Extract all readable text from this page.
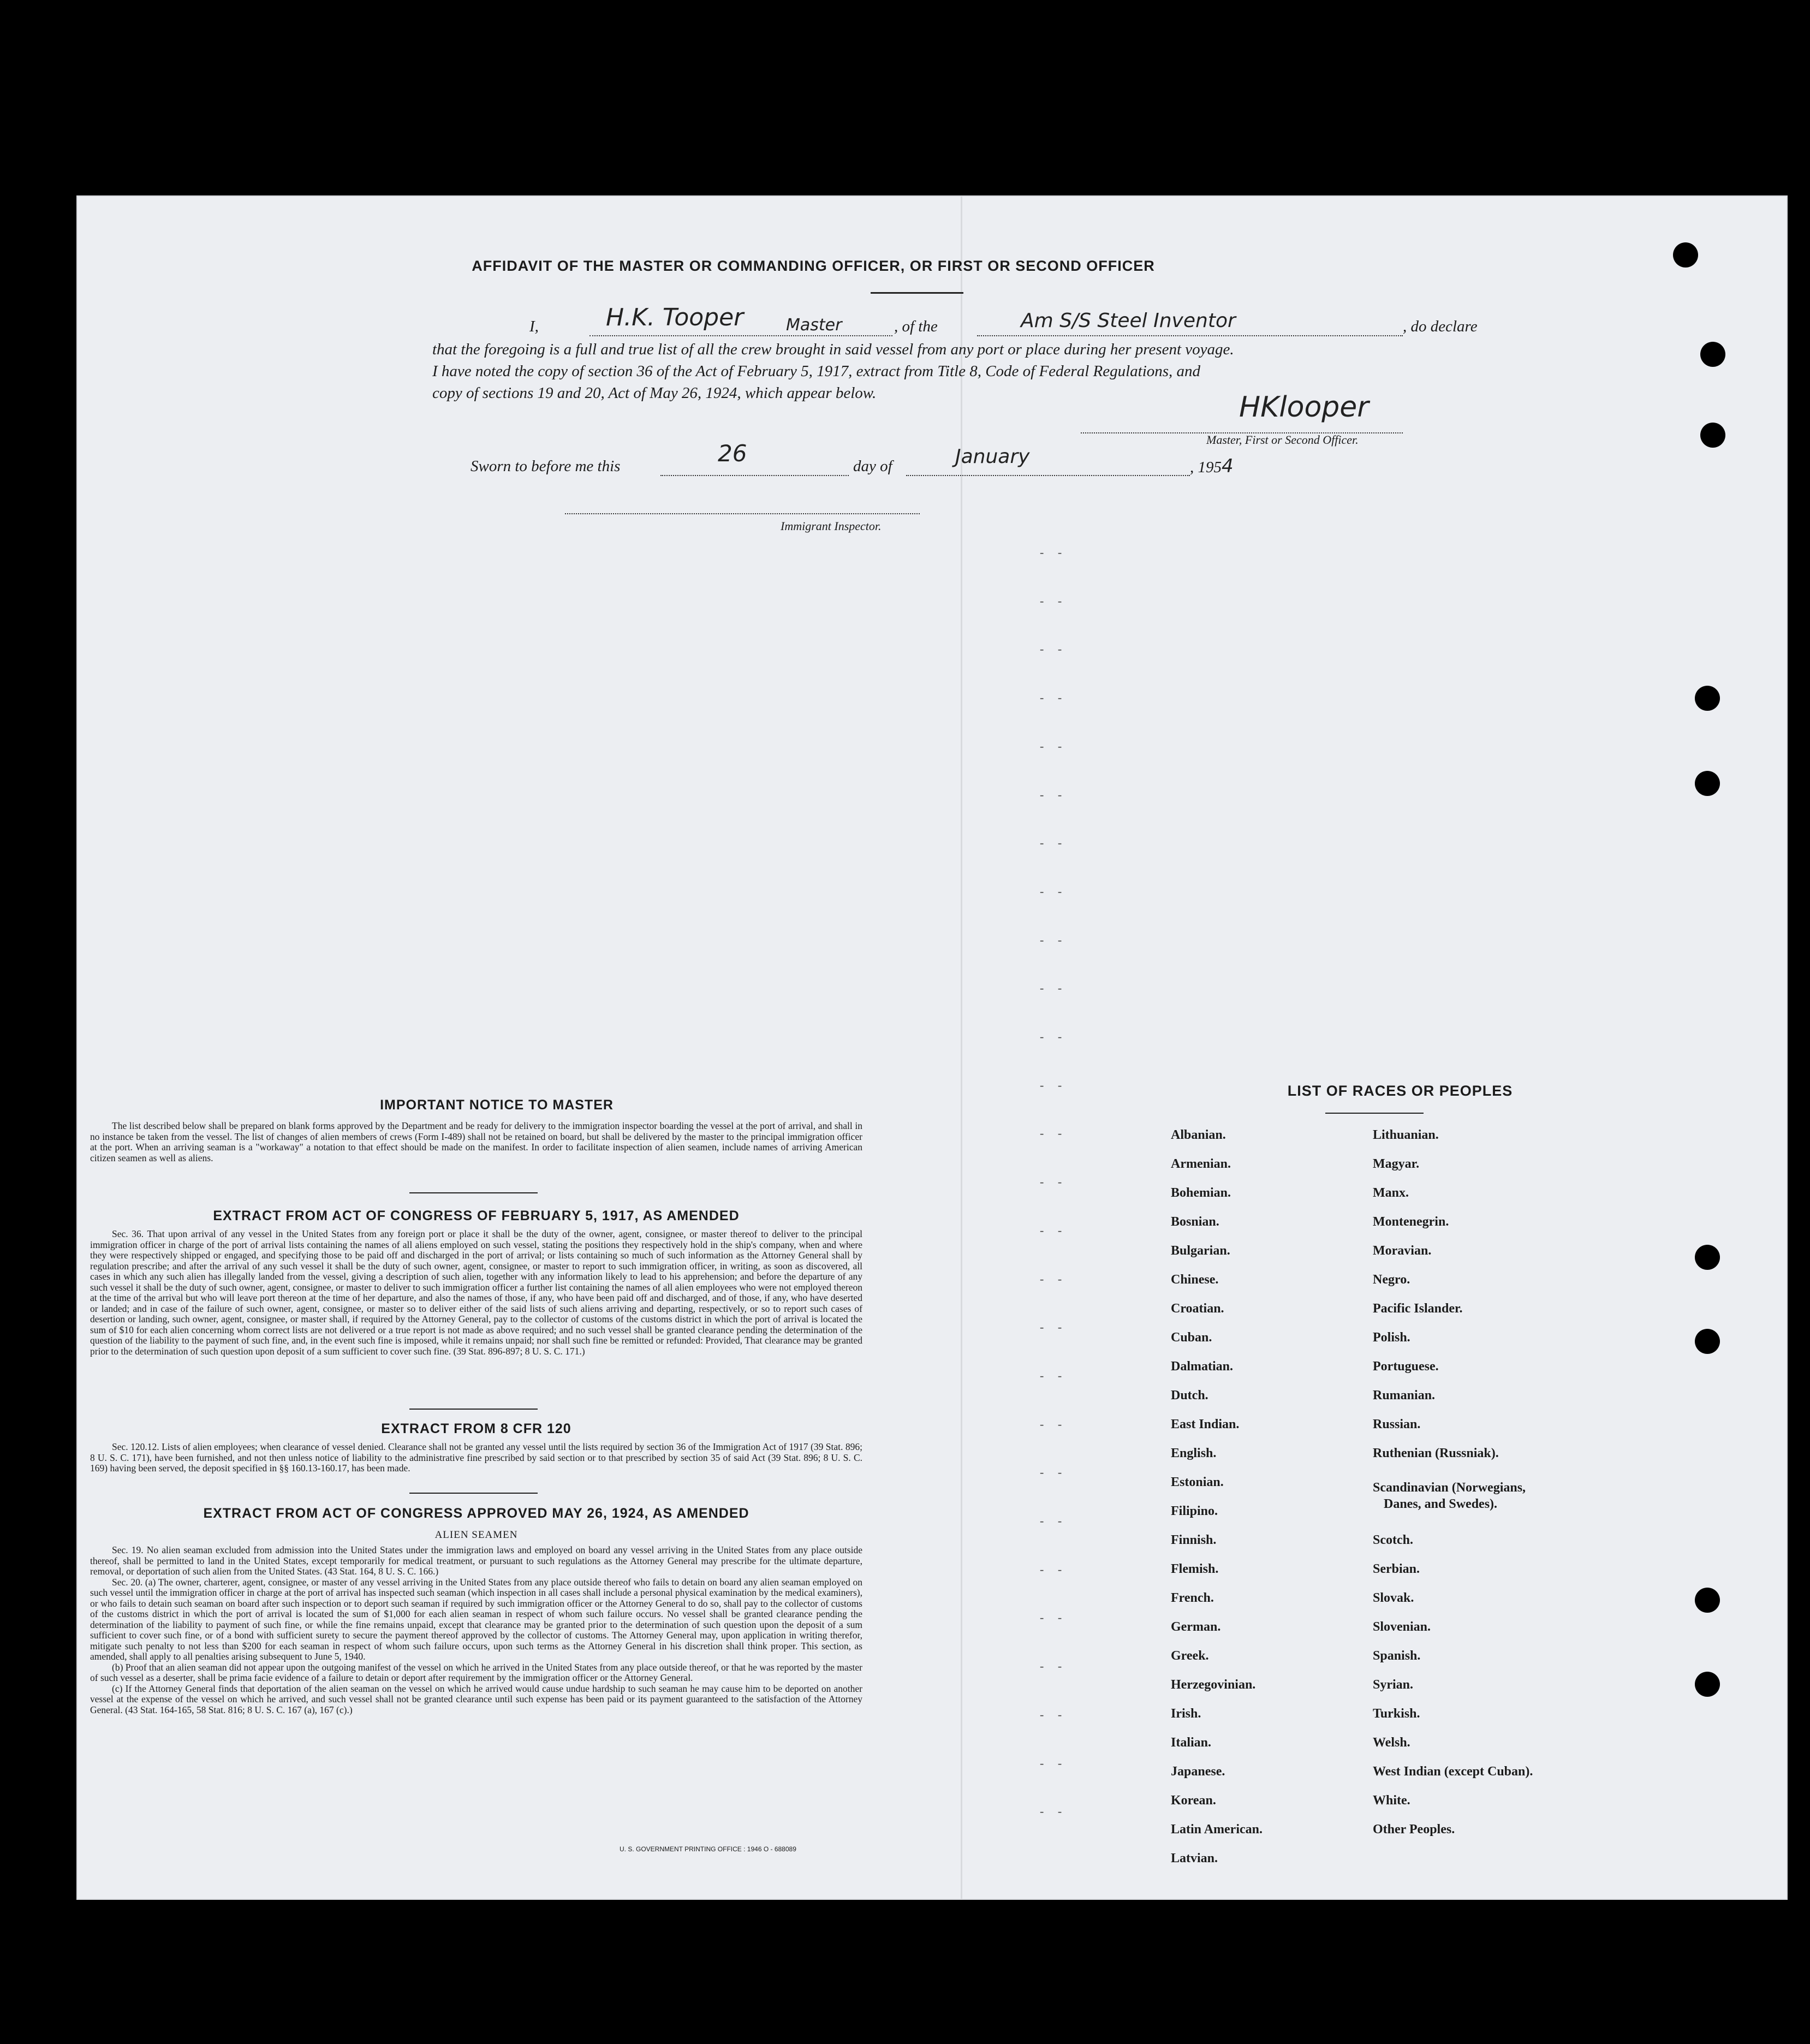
AFFIDAVIT OF THE MASTER OR COMMANDING OFFICER, OR FIRST OR SECOND OFFICER
I,	H.K. Tooper	Master	, of the	Am S/S Steel Inventor	, do declare
that the foregoing is a full and true list of all the crew brought in said vessel from any port or place during her present voyage.
I have noted the copy of section 36 of the Act of February 5, 1917, extract from Title 8, Code of Federal Regulations, and
copy of sections 19 and 20, Act of May 26, 1924, which appear below.	HKlooper
Master, First or Second Officer.
Sworn to before me this	26	day of	January	, 1954
Immigrant Inspector.
- -
- -
- -
- -
- -
- -
- -
- -
- -
- -
- -
- -
- -
- -
- -
- -
- -
- -
- -
- -
- -
- -
- -
- -
- -
- -
- -
IMPORTANT NOTICE TO MASTER
The list described below shall be prepared on blank forms approved by the Department and be ready for delivery to the immigration inspector boarding the vessel at the port of arrival, and shall in no instance be taken from the vessel. The list of changes of alien members of crews (Form I-489) shall not be retained on board, but shall be delivered by the master to the principal immigration officer at the port. When an arriving seaman is a "workaway" a notation to that effect should be made on the manifest. In order to facilitate inspection of alien seamen, include names of arriving American citizen seamen as well as aliens.
EXTRACT FROM ACT OF CONGRESS OF FEBRUARY 5, 1917, AS AMENDED
Sec. 36. That upon arrival of any vessel in the United States from any foreign port or place it shall be the duty of the owner, agent, consignee, or master thereof to deliver to the principal immigration officer in charge of the port of arrival lists containing the names of all aliens employed on such vessel, stating the positions they respectively hold in the ship's company, when and where they were respectively shipped or engaged, and specifying those to be paid off and discharged in the port of arrival; or lists containing so much of such information as the Attorney General shall by regulation prescribe; and after the arrival of any such vessel it shall be the duty of such owner, agent, consignee, or master to report to such immigration officer, in writing, as soon as discovered, all cases in which any such alien has illegally landed from the vessel, giving a description of such alien, together with any information likely to lead to his apprehension; and before the departure of any such vessel it shall be the duty of such owner, agent, consignee, or master to deliver to such immigration officer a further list containing the names of all alien employees who were not employed thereon at the time of the arrival but who will leave port thereon at the time of her departure, and also the names of those, if any, who have been paid off and discharged, and of those, if any, who have deserted or landed; and in case of the failure of such owner, agent, consignee, or master so to deliver either of the said lists of such aliens arriving and departing, respectively, or so to report such cases of desertion or landing, such owner, agent, consignee, or master shall, if required by the Attorney General, pay to the collector of customs of the customs district in which the port of arrival is located the sum of $10 for each alien concerning whom correct lists are not delivered or a true report is not made as above required; and no such vessel shall be granted clearance pending the determination of the question of the liability to the payment of such fine, and, in the event such fine is imposed, while it remains unpaid; nor shall such fine be remitted or refunded: Provided, That clearance may be granted prior to the determination of such question upon deposit of a sum sufficient to cover such fine. (39 Stat. 896-897; 8 U. S. C. 171.)
EXTRACT FROM 8 CFR 120
Sec. 120.12. Lists of alien employees; when clearance of vessel denied. Clearance shall not be granted any vessel until the lists required by section 36 of the Immigration Act of 1917 (39 Stat. 896; 8 U. S. C. 171), have been furnished, and not then unless notice of liability to the administrative fine prescribed by said section or to that prescribed by section 35 of said Act (39 Stat. 896; 8 U. S. C. 169) having been served, the deposit specified in §§ 160.13-160.17, has been made.
EXTRACT FROM ACT OF CONGRESS APPROVED MAY 26, 1924, AS AMENDED
ALIEN SEAMEN
Sec. 19. No alien seaman excluded from admission into the United States under the immigration laws and employed on board any vessel arriving in the United States from any place outside thereof, shall be permitted to land in the United States, except temporarily for medical treatment, or pursuant to such regulations as the Attorney General may prescribe for the ultimate departure, removal, or deportation of such alien from the United States. (43 Stat. 164, 8 U. S. C. 166.)
Sec. 20. (a) The owner, charterer, agent, consignee, or master of any vessel arriving in the United States from any place outside thereof who fails to detain on board any alien seaman employed on such vessel until the immigration officer in charge at the port of arrival has inspected such seaman (which inspection in all cases shall include a personal physical examination by the medical examiners), or who fails to detain such seaman on board after such inspection or to deport such seaman if required by such immigration officer or the Attorney General to do so, shall pay to the collector of customs of the customs district in which the port of arrival is located the sum of $1,000 for each alien seaman in respect of whom such failure occurs. No vessel shall be granted clearance pending the determination of the liability to payment of such fine, or while the fine remains unpaid, except that clearance may be granted prior to the determination of such question upon the deposit of a sum sufficient to cover such fine, or of a bond with sufficient surety to secure the payment thereof approved by the collector of customs. The Attorney General may, upon application in writing therefor, mitigate such penalty to not less than $200 for each seaman in respect of whom such failure occurs, upon such terms as the Attorney General in his discretion shall think proper. This section, as amended, shall apply to all penalties arising subsequent to June 5, 1940.
(b) Proof that an alien seaman did not appear upon the outgoing manifest of the vessel on which he arrived in the United States from any place outside thereof, or that he was reported by the master of such vessel as a deserter, shall be prima facie evidence of a failure to detain or deport after requirement by the immigration officer or the Attorney General.
(c) If the Attorney General finds that deportation of the alien seaman on the vessel on which he arrived would cause undue hardship to such seaman he may cause him to be deported on another vessel at the expense of the vessel on which he arrived, and such vessel shall not be granted clearance until such expense has been paid or its payment guaranteed to the satisfaction of the Attorney General. (43 Stat. 164-165, 58 Stat. 816; 8 U. S. C. 167 (a), 167 (c).)
U. S. GOVERNMENT PRINTING OFFICE : 1946 O - 688089
LIST OF RACES OR PEOPLES
Albanian.
Armenian.
Bohemian.
Bosnian.
Bulgarian.
Chinese.
Croatian.
Cuban.
Dalmatian.
Dutch.
East Indian.
English.
Estonian.
Filipino.
Finnish.
Flemish.
French.
German.
Greek.
Herzegovinian.
Irish.
Italian.
Japanese.
Korean.
Latin American.
Latvian.
Lithuanian.
Magyar.
Manx.
Montenegrin.
Moravian.
Negro.
Pacific Islander.
Polish.
Portuguese.
Rumanian.
Russian.
Ruthenian (Russniak).
Scandinavian (Norwegians,
Danes, and Swedes).
Scotch.
Serbian.
Slovak.
Slovenian.
Spanish.
Syrian.
Turkish.
Welsh.
West Indian (except Cuban).
White.
Other Peoples.
